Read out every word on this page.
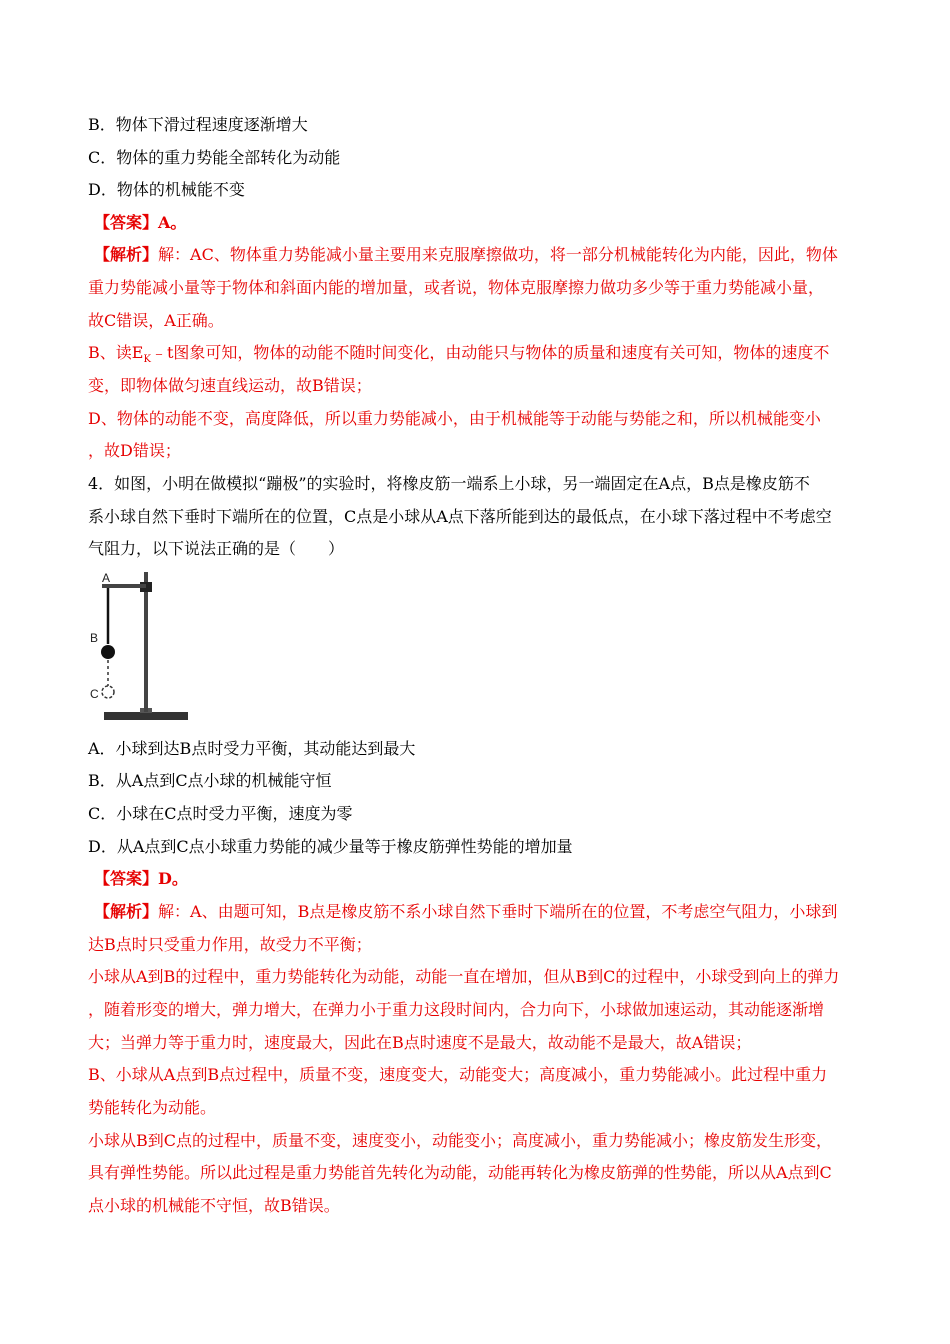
B．物体下滑过程速度逐渐增大
C．物体的重力势能全部转化为动能
D．物体的机械能不变
【答案】A。
【解析】解：AC、物体重力势能减小量主要用来克服摩擦做功，将一部分机械能转化为内能，因此，物体
重力势能减小量等于物体和斜面内能的增加量，或者说，物体克服摩擦力做功多少等于重力势能减小量，
故C错误，A正确。
B、读$E_K﹣t$图象可知，物体的动能不随时间变化，由动能只与物体的质量和速度有关可知，物体的速度不
变，即物体做匀速直线运动，故B错误；
D、物体的动能不变，高度降低，所以重力势能减小，由于机械能等于动能与势能之和，所以机械能变小
，故D错误；
4．如图，小明在做模拟“蹦极”的实验时，将橡皮筋一端系上小球，另一端固定在A点，B点是橡皮筋不
系小球自然下垂时下端所在的位置，C点是小球从A点下落所能到达的最低点，在小球下落过程中不考虑空
气阻力，以下说法正确的是（　　）
A
B
C
A．小球到达B点时受力平衡，其动能达到最大
B．从A点到C点小球的机械能守恒
C．小球在C点时受力平衡，速度为零
D．从A点到C点小球重力势能的减少量等于橡皮筋弹性势能的增加量
【答案】D。
【解析】解：A、由题可知，B点是橡皮筋不系小球自然下垂时下端所在的位置，不考虑空气阻力，小球到
达B点时只受重力作用，故受力不平衡；
小球从A到B的过程中，重力势能转化为动能，动能一直在增加，但从B到C的过程中，小球受到向上的弹力
，随着形变的增大，弹力增大，在弹力小于重力这段时间内，合力向下，小球做加速运动，其动能逐渐增
大；当弹力等于重力时，速度最大，因此在B点时速度不是最大，故动能不是最大，故A错误；
B、小球从A点到B点过程中，质量不变，速度变大，动能变大；高度减小，重力势能减小。此过程中重力
势能转化为动能。
小球从B到C点的过程中，质量不变，速度变小，动能变小；高度减小，重力势能减小；橡皮筋发生形变，
具有弹性势能。所以此过程是重力势能首先转化为动能，动能再转化为橡皮筋弹的性势能，所以从A点到C
点小球的机械能不守恒，故B错误。
